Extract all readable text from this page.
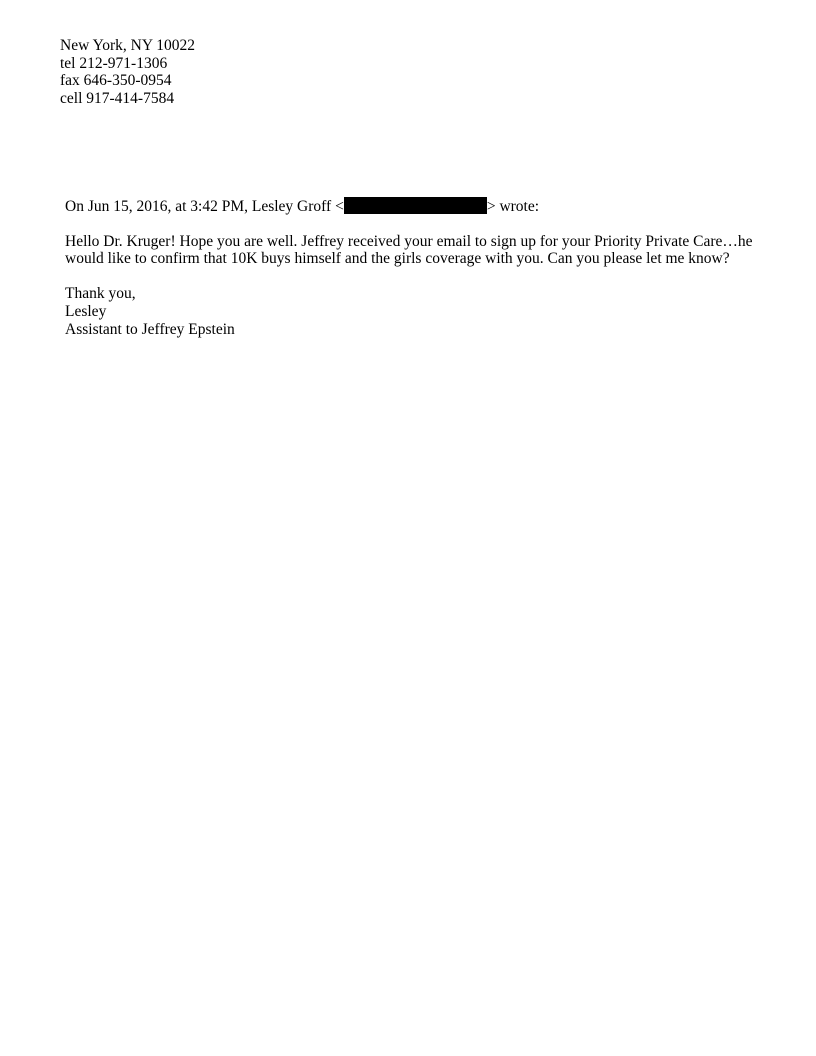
New York, NY 10022
tel 212-971-1306
fax 646-350-0954
cell 917-414-7584
On Jun 15, 2016, at 3:42 PM, Lesley Groff <	> wrote:
Hello Dr. Kruger! Hope you are well. Jeffrey received your email to sign up for your Priority Private Care…he would like to confirm that 10K buys himself and the girls coverage with you. Can you please let me know?
Thank you,
Lesley
Assistant to Jeffrey Epstein
